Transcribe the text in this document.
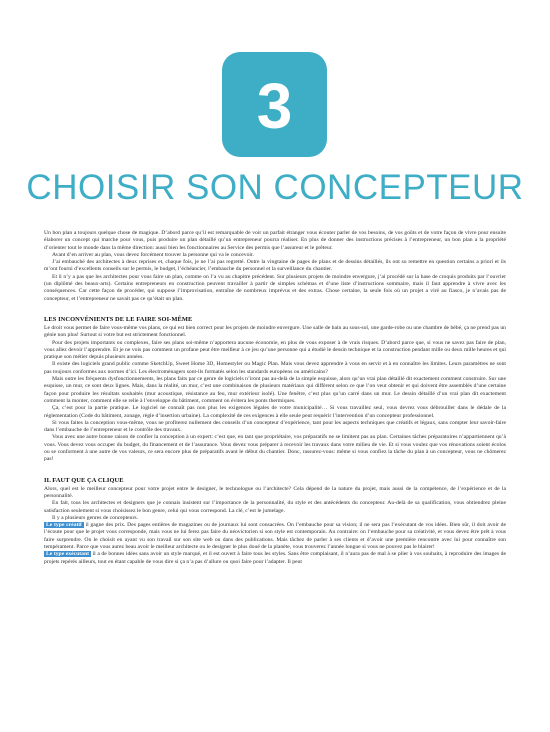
3
CHOISIR SON CONCEPTEUR

Un bon plan a toujours quelque chose de magique. D’abord parce qu’il est remarquable de voir un parfait étranger vous écouter parler de vos besoins, de vos goûts et de votre façon de vivre pour ensuite élaborer un concept qui marche pour vous, puis produire un plan détaillé qu’un entrepreneur pourra réaliser. En plus de donner des instructions précises à l’entrepreneur, un bon plan a la propriété d’orienter tout le monde dans la même direction: aussi bien les fonctionnaires au Service des permis que l’assureur et le prêteur.

Avant d’en arriver au plan, vous devez forcément trouver la personne qui va le concevoir.

J’ai embauché des architectes à deux reprises et, chaque fois, je ne l’ai pas regretté. Outre la vingtaine de pages de plans et de dessins détaillés, ils ont su remettre en question certains a priori et ils m’ont fourni d’excellents conseils sur le permis, le budget, l’échéancier, l’embauche du personnel et la surveillance du chantier.

Et il n’y a pas que les architectes pour vous faire un plan, comme on l’a vu au chapitre précédent. Sur plusieurs projets de moindre envergure, j’ai procédé sur la base de croquis produits par l’ouvrier (un diplômé des beaux-arts). Certains entrepreneurs en construction peuvent travailler à partir de simples schémas et d’une liste d’instructions sommaire, mais il faut apprendre à vivre avec les conséquences. Car cette façon de procéder, qui suppose l’improvisation, entraîne de nombreux imprévus et des extras. Chose certaine, la seule fois où un projet a viré au fiasco, je n’avais pas de concepteur, et l’entrepreneur ne savait pas ce qu’était un plan.

LES INCONVÉNIENTS DE LE FAIRE SOI-MÊME

Le droit vous permet de faire vous-même vos plans, ce qui est bien correct pour les projets de moindre envergure. Une salle de bain au sous-sol, une garde-robe ou une chambre de bébé, ça ne prend pas un génie non plus! Surtout si votre but est strictement fonctionnel.

Pour des projets importants ou complexes, faire ses plans soi-même n’apportera aucune économie, en plus de vous exposer à de vrais risques. D’abord parce que, si vous ne savez pas faire de plan, vous allez devoir l’apprendre. Et je ne vois pas comment un profane peut être meilleur à ce jeu qu’une personne qui a étudié le dessin technique et la construction pendant mille ou deux mille heures et qui pratique son métier depuis plusieurs années.

Il existe des logiciels grand public comme SketchUp, Sweet Home 3D, Homestyler ou Magic Plan. Mais vous devez apprendre à vous en servir et à en connaître les limites. Leurs paramètres ne sont pas toujours conformes aux normes d’ici. Les électroménagers sont-ils formatés selon les standards européens ou américains?

Mais outre les fréquents dysfonctionnements, les plans faits par ce genre de logiciels n’iront pas au-delà de la simple esquisse, alors qu’un vrai plan détaillé dit exactement comment construire. Sur une esquisse, un mur, ce sont deux lignes. Mais, dans la réalité, un mur, c’est une combinaison de plusieurs matériaux qui diffèrent selon ce que l’on veut obtenir et qui doivent être assemblés d’une certaine façon pour produire les résultats souhaités (mur acoustique, résistance au feu, mur extérieur isolé). Une fenêtre, c’est plus qu’un carré dans un mur. Le dessin détaillé d’un vrai plan dit exactement comment la monter, comment elle se relie à l’enveloppe du bâtiment, comment on évitera les ponts thermiques.

Ça, c’est pour la partie pratique. Le logiciel ne connaît pas non plus les exigences légales de votre municipalité… Si vous travaillez seul, vous devrez vous débrouiller dans le dédale de la réglementation (Code du bâtiment, zonage, règle d’insertion urbaine). La complexité de ces exigences à elle seule peut requérir l’intervention d’un concepteur professionnel.

Si vous faites la conception vous-même, vous ne profiterez nullement des conseils d’un concepteur d’expérience, tant pour les aspects techniques que créatifs et légaux, sans compter leur savoir-faire dans l’embauche de l’entrepreneur et le contrôle des travaux.

Vous avez une autre bonne raison de confier la conception à un expert: c’est que, en tant que propriétaire, vos préparatifs ne se limitent pas au plan. Certaines tâches préparatoires n’appartiennent qu’à vous. Vous devez vous occuper du budget, du financement et de l’assurance. Vous devez vous préparer à recevoir les travaux dans votre milieu de vie. Et si vous voulez que vos rénovations soient écolos ou se conforment à une autre de vos valeurs, ce sera encore plus de préparatifs avant le début du chantier. Donc, rassurez-vous: même si vous confiez la tâche du plan à un concepteur, vous ne chômerez pas!

IL FAUT QUE ÇA CLIQUE

Alors, quel est le meilleur concepteur pour votre projet entre le designer, le technologue ou l’architecte? Cela dépend de la nature du projet, mais aussi de la compétence, de l’expérience et de la personnalité.

En fait, tous les architectes et designers que je connais insistent sur l’importance de la personnalité, du style et des antécédents du concepteur. Au-delà de sa qualification, vous obtiendrez pleine satisfaction seulement si vous choisissez le bon genre, celui qui vous correspond. La clé, c’est le jumelage.

Il y a plusieurs genres de concepteurs.

Le type créatif il gagne des prix. Des pages entières de magazines ou de journaux lui sont consacrées. On l’embauche pour sa vision; il ne sera pas l’exécutant de vos idées. Bien sûr, il doit avoir de l’écoute pour que le projet vous corresponde, mais vous ne lui ferez pas faire du néovictorien si son style est contemporain. Au contraire: on l’embauche pour sa créativité, et vous devez être prêt à vous faire surprendre. On le choisit en ayant vu son travail sur son site web ou dans des publications. Mais tâchez de parler à ses clients et d’avoir une première rencontre avec lui pour connaître son tempérament. Parce que vous aurez beau avoir le meilleur architecte ou le designer le plus doué de la planète, vous trouverez l’année longue si vous ne pouvez pas le blairer!

Le type exécutant il a de bonnes idées sans avoir un style marqué, et il est ouvert à faire tous les styles. Sans être complaisant, il n’aura pas de mal à se plier à vos souhaits, à reproduire des images de projets repérés ailleurs, tout en étant capable de vous dire si ça n’a pas d’allure ou quoi faire pour l’adapter. Il peut
